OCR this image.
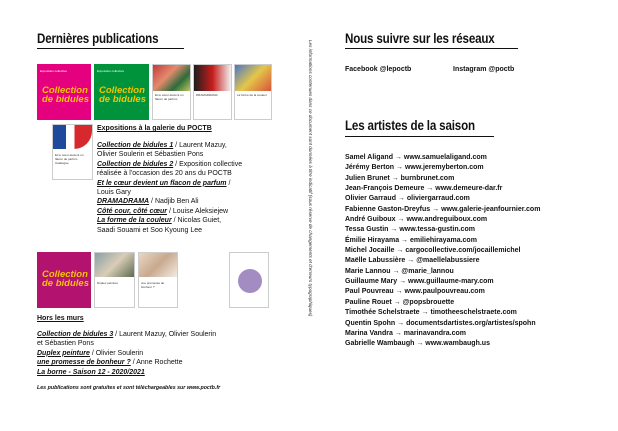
Dernières publications
Exposition collective
Collection
de bidules
Exposition collective
Collection
de bidules	Et le cœur devient un flacon de parfum
DRAMADRAMA	La forme de la couleur
Et le cœur devient un flacon de parfum
Catalogue
Expositions à la galerie du POCTB
Collection de bidules 1 / Laurent Mazuy,
Olivier Soulerin et Sébastien Pons
Collection de bidules 2 / Exposition collective
réalisée à l'occasion des 20 ans du POCTB
Et le cœur devient un flacon de parfum /
Louis Gary
DRAMADRAMA / Nadjib Ben Ali
Côté cour, côté cœur / Louise Aleksiejew
La forme de la couleur / Nicolas Guiet,
Saadi Souami et Soo Kyoung Lee
Collection
de bidules	Duplex peinture	une promesse de bonheur ?
Hors les murs
Collection de bidules 3 / Laurent Mazuy, Olivier Soulerin
et Sébastien Pons
Duplex peinture / Olivier Soulerin
une promesse de bonheur ? / Anne Rochette
La borne - Saison 12 - 2020/2021
Les publications sont gratuites et sont téléchargeables sur www.poctb.fr
Les informations contenues dans ce document sont données à titre indicatif (sous réserve de changements et d'erreurs typographiques)
Nous suivre sur les réseaux
Facebook @lepoctb	Instagram @poctb
Les artistes de la saison
Samel Aligand → www.samuelaligand.com
Jérémy Berton → www.jeremyberton.com
Julien Brunet → burnbrunet.com
Jean-François Demeure → www.demeure-dar.fr
Olivier Garraud → oliviergarraud.com
Fabienne Gaston-Dreyfus → www.galerie-jeanfournier.com
André Guiboux → www.andreguiboux.com
Tessa Gustin → www.tessa-gustin.com
Émilie Hirayama → emiliehirayama.com
Michel Jocaille → cargocollective.com/jocaillemichel
Maëlle Labussière → @maellelabussiere
Marie Lannou → @marie_lannou
Guillaume Mary → www.guillaume-mary.com
Paul Pouvreau → www.paulpouvreau.com
Pauline Rouet → @popsbrouette
Timothée Schelstraete → timotheeschelstraete.com
Quentin Spohn → documentsdartistes.org/artistes/spohn
Marina Vandra → marinavandra.com
Gabrielle Wambaugh → www.wambaugh.us
